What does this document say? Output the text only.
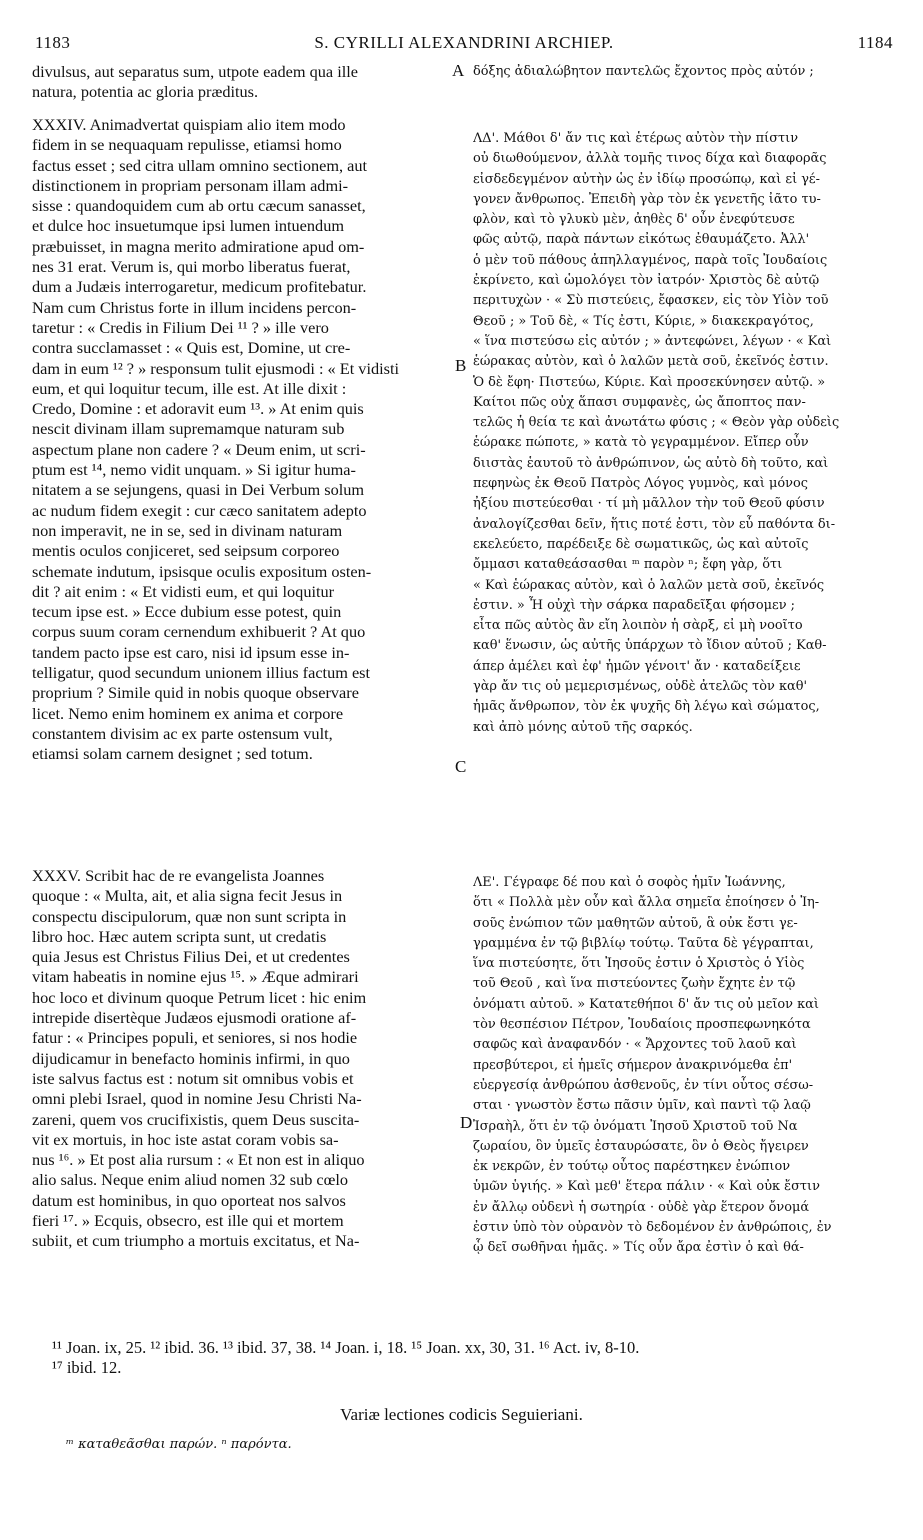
1183	S. CYRILLI ALEXANDRINI ARCHIEP.	1184
divulsus, aut separatus sum, utpote eadem qua ille
natura, potentia ac gloria præditus.
XXXIV. Animadvertat quispiam alio item modo
fidem in se nequaquam repulisse, etiamsi homo
factus esset ; sed citra ullam omnino sectionem, aut
distinctionem in propriam personam illam admi-
sisse : quandoquidem cum ab ortu cæcum sanasset,
et dulce hoc insuetumque ipsi lumen intuendum
præbuisset, in magna merito admiratione apud om-
nes 31 erat. Verum is, qui morbo liberatus fuerat,
dum a Judæis interrogaretur, medicum profitebatur.
Nam cum Christus forte in illum incidens percon-
taretur : « Credis in Filium Dei ¹¹ ? » ille vero
contra succlamasset : « Quis est, Domine, ut cre-
dam in eum ¹² ? » responsum tulit ejusmodi : « Et vidisti
eum, et qui loquitur tecum, ille est. At ille dixit :
Credo, Domine : et adoravit eum ¹³. » At enim quis
nescit divinam illam supremamque naturam sub
aspectum plane non cadere ? « Deum enim, ut scri-
ptum est ¹⁴, nemo vidit unquam. » Si igitur huma-
nitatem a se sejungens, quasi in Dei Verbum solum
ac nudum fidem exegit : cur cæco sanitatem adepto
non imperavit, ne in se, sed in divinam naturam
mentis oculos conjiceret, sed seipsum corporeo
schemate indutum, ipsisque oculis expositum osten-
dit ? ait enim : « Et vidisti eum, et qui loquitur
tecum ipse est. » Ecce dubium esse potest, quin
corpus suum coram cernendum exhibuerit ? At quo
tandem pacto ipse est caro, nisi id ipsum esse in-
telligatur, quod secundum unionem illius factum est
proprium ? Simile quid in nobis quoque observare
licet. Nemo enim hominem ex anima et corpore
constantem divisim ac ex parte ostensum vult,
etiamsi solam carnem designet ; sed totum.
XXXV. Scribit hac de re evangelista Joannes
quoque : « Multa, ait, et alia signa fecit Jesus in
conspectu discipulorum, quæ non sunt scripta in
libro hoc. Hæc autem scripta sunt, ut credatis
quia Jesus est Christus Filius Dei, et ut credentes
vitam habeatis in nomine ejus ¹⁵. » Æque admirari
hoc loco et divinum quoque Petrum licet : hic enim
intrepide disertèque Judæos ejusmodi oratione af-
fatur : « Principes populi, et seniores, si nos hodie
dijudicamur in benefacto hominis infirmi, in quo
iste salvus factus est : notum sit omnibus vobis et
omni plebi Israel, quod in nomine Jesu Christi Na-
zareni, quem vos crucifixistis, quem Deus suscita-
vit ex mortuis, in hoc iste astat coram vobis sa-
nus ¹⁶. » Et post alia rursum : « Et non est in aliquo
alio salus. Neque enim aliud nomen 32 sub cœlo
datum est hominibus, in quo oporteat nos salvos
fieri ¹⁷. » Ecquis, obsecro, est ille qui et mortem
subiit, et cum triumpho a mortuis excitatus, et Na-
δόξης ἀδιαλώβητον παντελῶς ἔχοντος πρὸς αὐτόν ;
ΛΔ'. Μάθοι δ' ἄν τις καὶ ἑτέρως αὐτὸν τὴν πίστιν
οὐ διωθούμενον, ἀλλὰ τομῆς τινος δίχα καὶ διαφορᾶς
εἰσδεδεγμένον αὐτὴν ὡς ἐν ἰδίῳ προσώπῳ, καὶ εἰ γέ-
γονεν ἄνθρωπος. Ἐπειδὴ γὰρ τὸν ἐκ γενετῆς ἰᾶτο τυ-
φλὸν, καὶ τὸ γλυκὺ μὲν, ἀηθὲς δ' οὖν ἐνεφύτευσε
φῶς αὐτῷ, παρὰ πάντων εἰκότως ἐθαυμάζετο. Ἀλλ'
ὁ μὲν τοῦ πάθους ἀπηλλαγμένος, παρὰ τοῖς Ἰουδαίοις
ἐκρίνετο, καὶ ὡμολόγει τὸν ἰατρόν· Χριστὸς δὲ αὐτῷ
περιτυχὼν · « Σὺ πιστεύεις, ἔφασκεν, εἰς τὸν Υἱὸν τοῦ
Θεοῦ ; » Τοῦ δὲ, « Τίς ἐστι, Κύριε, » διακεκραγότος,
« ἵνα πιστεύσω εἰς αὐτόν ; » ἀντεφώνει, λέγων · « Καὶ
ἑώρακας αὐτὸν, καὶ ὁ λαλῶν μετὰ σοῦ, ἐκεῖνός ἐστιν.
Ὁ δὲ ἔφη· Πιστεύω, Κύριε. Καὶ προσεκύνησεν αὐτῷ. »
Καίτοι πῶς οὐχ ἅπασι συμφανὲς, ὡς ἄποπτος παν-
τελῶς ἡ θεία τε καὶ ἀνωτάτω φύσις ; « Θεὸν γὰρ οὐδεὶς
ἑώρακε πώποτε, » κατὰ τὸ γεγραμμένον. Εἴπερ οὖν
διιστὰς ἑαυτοῦ τὸ ἀνθρώπινον, ὡς αὐτὸ δὴ τοῦτο, καὶ
πεφηνὼς ἐκ Θεοῦ Πατρὸς Λόγος γυμνὸς, καὶ μόνος
ἠξίου πιστεύεσθαι · τί μὴ μᾶλλον τὴν τοῦ Θεοῦ φύσιν
ἀναλογίζεσθαι δεῖν, ἥτις ποτέ ἐστι, τὸν εὖ παθόντα δι-
εκελεύετο, παρέδειξε δὲ σωματικῶς, ὡς καὶ αὐτοῖς
ὄμμασι καταθεάσασθαι ᵐ παρὸν ⁿ; ἔφη γὰρ, ὅτι
« Καὶ ἑώρακας αὐτὸν, καὶ ὁ λαλῶν μετὰ σοῦ, ἐκεῖνός
ἐστιν. » Ἦ οὐχὶ τὴν σάρκα παραδεῖξαι φήσομεν ;
εἶτα πῶς αὐτὸς ἂν εἴη λοιπὸν ἡ σὰρξ, εἰ μὴ νοοῖτο
καθ' ἕνωσιν, ὡς αὐτῆς ὑπάρχων τὸ ἴδιον αὐτοῦ ; Καθ-
άπερ ἀμέλει καὶ ἐφ' ἡμῶν γένοιτ' ἄν · καταδείξειε
γὰρ ἄν τις οὐ μεμερισμένως, οὐδὲ ἀτελῶς τὸν καθ'
ἡμᾶς ἄνθρωπον, τὸν ἐκ ψυχῆς δὴ λέγω καὶ σώματος,
καὶ ἀπὸ μόνης αὐτοῦ τῆς σαρκός.
ΛΕ'. Γέγραφε δέ που καὶ ὁ σοφὸς ἡμῖν Ἰωάννης,
ὅτι « Πολλὰ μὲν οὖν καὶ ἄλλα σημεῖα ἐποίησεν ὁ Ἰη-
σοῦς ἐνώπιον τῶν μαθητῶν αὐτοῦ, ἃ οὐκ ἔστι γε-
γραμμένα ἐν τῷ βιβλίῳ τούτῳ. Ταῦτα δὲ γέγραπται,
ἵνα πιστεύσητε, ὅτι Ἰησοῦς ἐστιν ὁ Χριστὸς ὁ Υἱὸς
τοῦ Θεοῦ , καὶ ἵνα πιστεύοντες ζωὴν ἔχητε ἐν τῷ
ὀνόματι αὐτοῦ. » Κατατεθήποι δ' ἄν τις οὐ μεῖον καὶ
τὸν θεσπέσιον Πέτρον, Ἰουδαίοις προσπεφωνηκότα
σαφῶς καὶ ἀναφανδόν · « Ἄρχοντες τοῦ λαοῦ καὶ
πρεσβύτεροι, εἰ ἡμεῖς σήμερον ἀνακρινόμεθα ἐπ'
εὐεργεσίᾳ ἀνθρώπου ἀσθενοῦς, ἐν τίνι οὗτος σέσω-
σται · γνωστὸν ἔστω πᾶσιν ὑμῖν, καὶ παντὶ τῷ λαῷ
Ἰσραὴλ, ὅτι ἐν τῷ ὀνόματι Ἰησοῦ Χριστοῦ τοῦ Να
ζωραίου, ὃν ὑμεῖς ἐσταυρώσατε, ὃν ὁ Θεὸς ἤγειρεν
ἐκ νεκρῶν, ἐν τούτῳ οὗτος παρέστηκεν ἐνώπιον
ὑμῶν ὑγιής. » Καὶ μεθ' ἕτερα πάλιν · « Καὶ οὐκ ἔστιν
ἐν ἄλλῳ οὐδενὶ ἡ σωτηρία · οὐδὲ γὰρ ἕτερον ὄνομά
ἐστιν ὑπὸ τὸν οὐρανὸν τὸ δεδομένον ἐν ἀνθρώποις, ἐν
ᾧ δεῖ σωθῆναι ἡμᾶς. » Τίς οὖν ἄρα ἐστὶν ὁ καὶ θά-
A
B
C
D
¹¹ Joan. ix, 25. ¹² ibid. 36. ¹³ ibid. 37, 38. ¹⁴ Joan. i, 18. ¹⁵ Joan. xx, 30, 31. ¹⁶ Act. iv, 8-10.
¹⁷ ibid. 12.
Variæ lectiones codicis Seguieriani.
ᵐ καταθεᾶσθαι παρών. ⁿ παρόντα.
